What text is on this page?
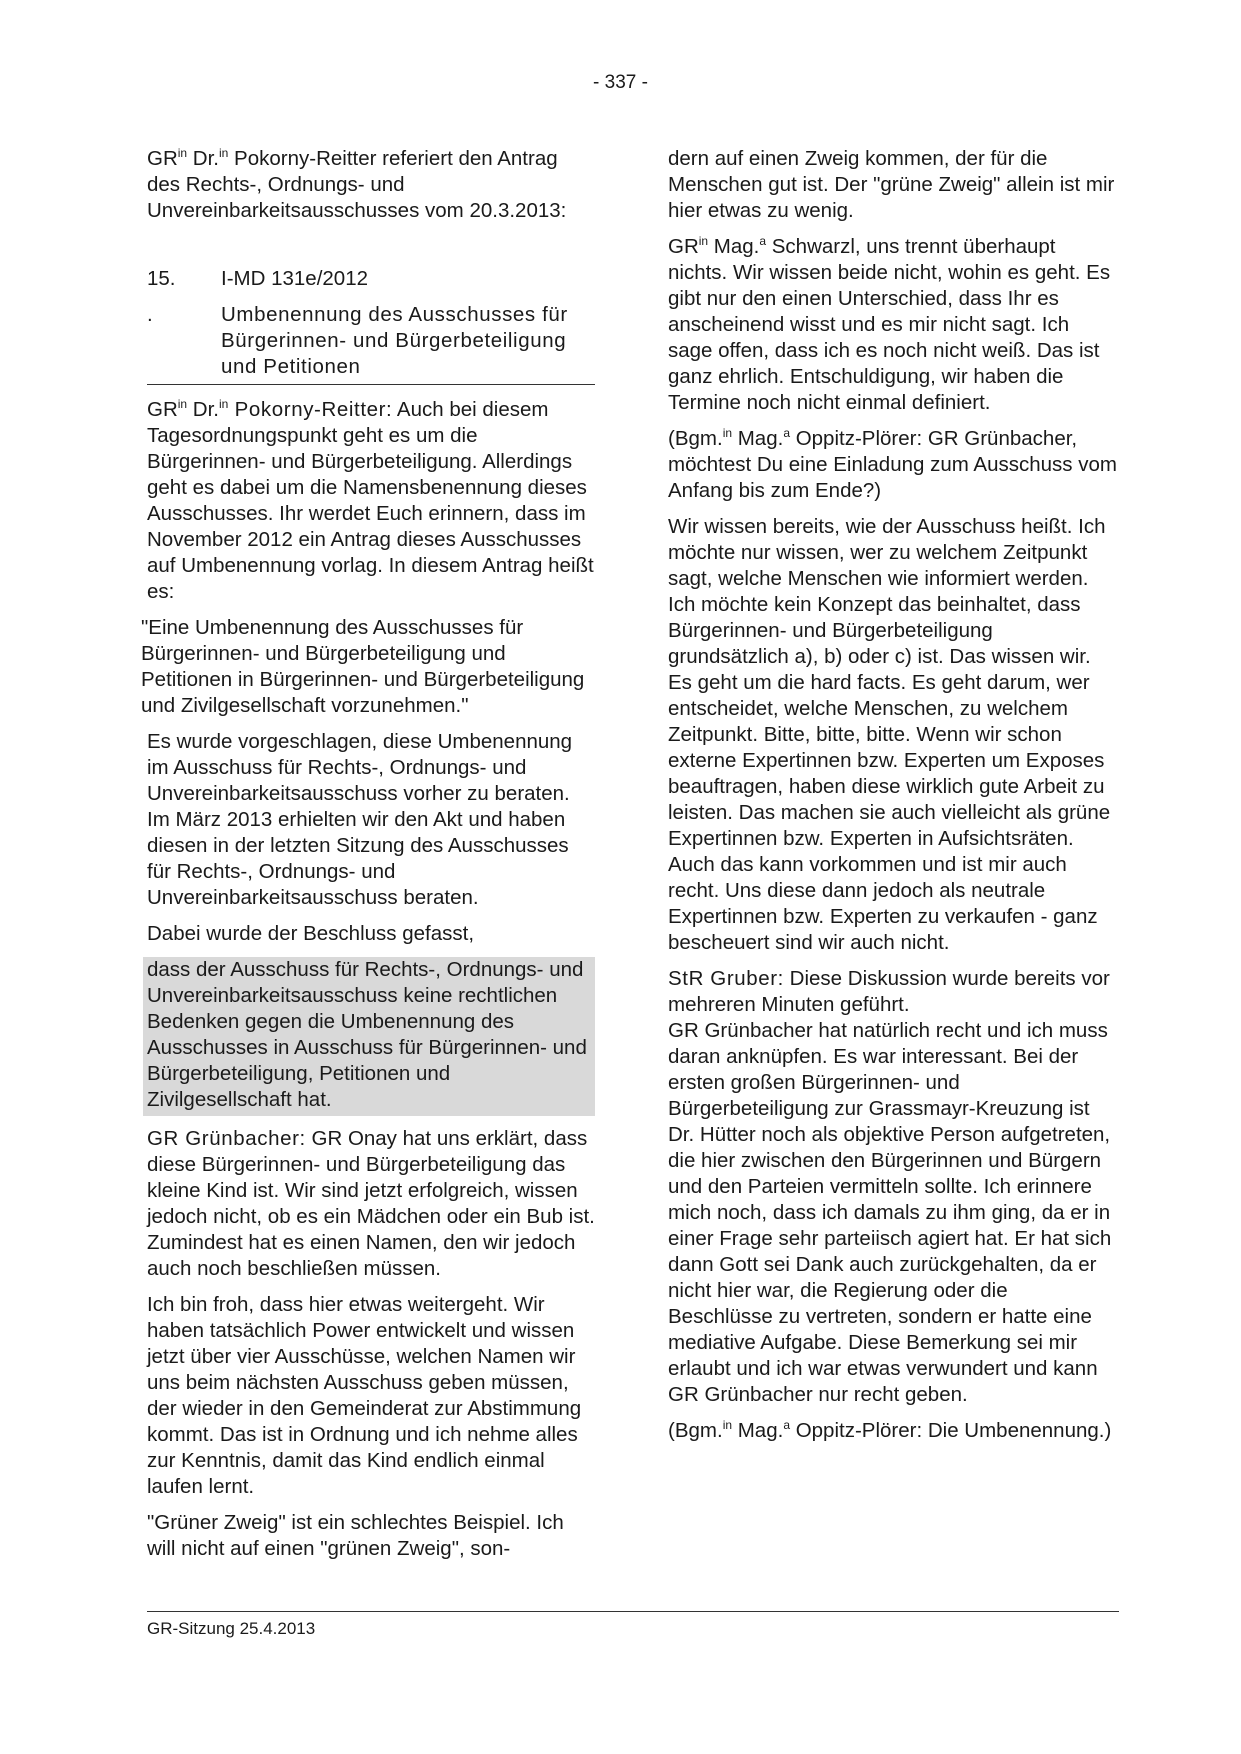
- 337 -

$GR^{in}$ Dr.$^{in}$ Pokorny-Reitter referiert den Antrag des Rechts-, Ordnungs- und Unvereinbarkeitsausschusses vom 20.3.2013:

15.	I-MD 131e/2012
.	Umbenennung des Ausschusses für Bürgerinnen- und Bürgerbeteiligung und Petitionen

$GR^{in}$ Dr.$^{in}$ Pokorny-Reitter: Auch bei diesem Tagesordnungspunkt geht es um die Bürgerinnen- und Bürgerbeteiligung. Allerdings geht es dabei um die Namensbenennung dieses Ausschusses. Ihr werdet Euch erinnern, dass im November 2012 ein Antrag dieses Ausschusses auf Umbenennung vorlag. In diesem Antrag heißt es:

"Eine Umbenennung des Ausschusses für Bürgerinnen- und Bürgerbeteiligung und Petitionen in Bürgerinnen- und Bürgerbeteiligung und Zivilgesellschaft vorzunehmen."

Es wurde vorgeschlagen, diese Umbenennung im Ausschuss für Rechts-, Ordnungs- und Unvereinbarkeitsausschuss vorher zu beraten. Im März 2013 erhielten wir den Akt und haben diesen in der letzten Sitzung des Ausschusses für Rechts-, Ordnungs- und Unvereinbarkeitsausschuss beraten.

Dabei wurde der Beschluss gefasst,

dass der Ausschuss für Rechts-, Ordnungs- und Unvereinbarkeitsausschuss keine rechtlichen Bedenken gegen die Umbenennung des Ausschusses in Ausschuss für Bürgerinnen- und Bürgerbeteiligung, Petitionen und Zivilgesellschaft hat.

GR Grünbacher: GR Onay hat uns erklärt, dass diese Bürgerinnen- und Bürgerbeteiligung das kleine Kind ist. Wir sind jetzt erfolgreich, wissen jedoch nicht, ob es ein Mädchen oder ein Bub ist. Zumindest hat es einen Namen, den wir jedoch auch noch beschließen müssen.

Ich bin froh, dass hier etwas weitergeht. Wir haben tatsächlich Power entwickelt und wissen jetzt über vier Ausschüsse, welchen Namen wir uns beim nächsten Ausschuss geben müssen, der wieder in den Gemeinderat zur Abstimmung kommt. Das ist in Ordnung und ich nehme alles zur Kenntnis, damit das Kind endlich einmal laufen lernt.

"Grüner Zweig" ist ein schlechtes Beispiel. Ich will nicht auf einen "grünen Zweig", son-

dern auf einen Zweig kommen, der für die Menschen gut ist. Der "grüne Zweig" allein ist mir hier etwas zu wenig.

$GR^{in}$ Mag.$^a$ Schwarzl, uns trennt überhaupt nichts. Wir wissen beide nicht, wohin es geht. Es gibt nur den einen Unterschied, dass Ihr es anscheinend wisst und es mir nicht sagt. Ich sage offen, dass ich es noch nicht weiß. Das ist ganz ehrlich. Entschuldigung, wir haben die Termine noch nicht einmal definiert.

(Bgm.$^{in}$ Mag.$^a$ Oppitz-Plörer: GR Grünbacher, möchtest Du eine Einladung zum Ausschuss vom Anfang bis zum Ende?)

Wir wissen bereits, wie der Ausschuss heißt. Ich möchte nur wissen, wer zu welchem Zeitpunkt sagt, welche Menschen wie informiert werden. Ich möchte kein Konzept das beinhaltet, dass Bürgerinnen- und Bürgerbeteiligung grundsätzlich a), b) oder c) ist. Das wissen wir. Es geht um die hard facts. Es geht darum, wer entscheidet, welche Menschen, zu welchem Zeitpunkt. Bitte, bitte, bitte. Wenn wir schon externe Expertinnen bzw. Experten um Exposes beauftragen, haben diese wirklich gute Arbeit zu leisten. Das machen sie auch vielleicht als grüne Expertinnen bzw. Experten in Aufsichtsräten. Auch das kann vorkommen und ist mir auch recht. Uns diese dann jedoch als neutrale Expertinnen bzw. Experten zu verkaufen - ganz bescheuert sind wir auch nicht.

StR Gruber: Diese Diskussion wurde bereits vor mehreren Minuten geführt.
GR Grünbacher hat natürlich recht und ich muss daran anknüpfen. Es war interessant. Bei der ersten großen Bürgerinnen- und Bürgerbeteiligung zur Grassmayr-Kreuzung ist Dr. Hütter noch als objektive Person aufgetreten, die hier zwischen den Bürgerinnen und Bürgern und den Parteien vermitteln sollte. Ich erinnere mich noch, dass ich damals zu ihm ging, da er in einer Frage sehr parteiisch agiert hat. Er hat sich dann Gott sei Dank auch zurückgehalten, da er nicht hier war, die Regierung oder die Beschlüsse zu vertreten, sondern er hatte eine mediative Aufgabe. Diese Bemerkung sei mir erlaubt und ich war etwas verwundert und kann GR Grünbacher nur recht geben.

(Bgm.$^{in}$ Mag.$^a$ Oppitz-Plörer: Die Umbenennung.)

GR-Sitzung 25.4.2013
